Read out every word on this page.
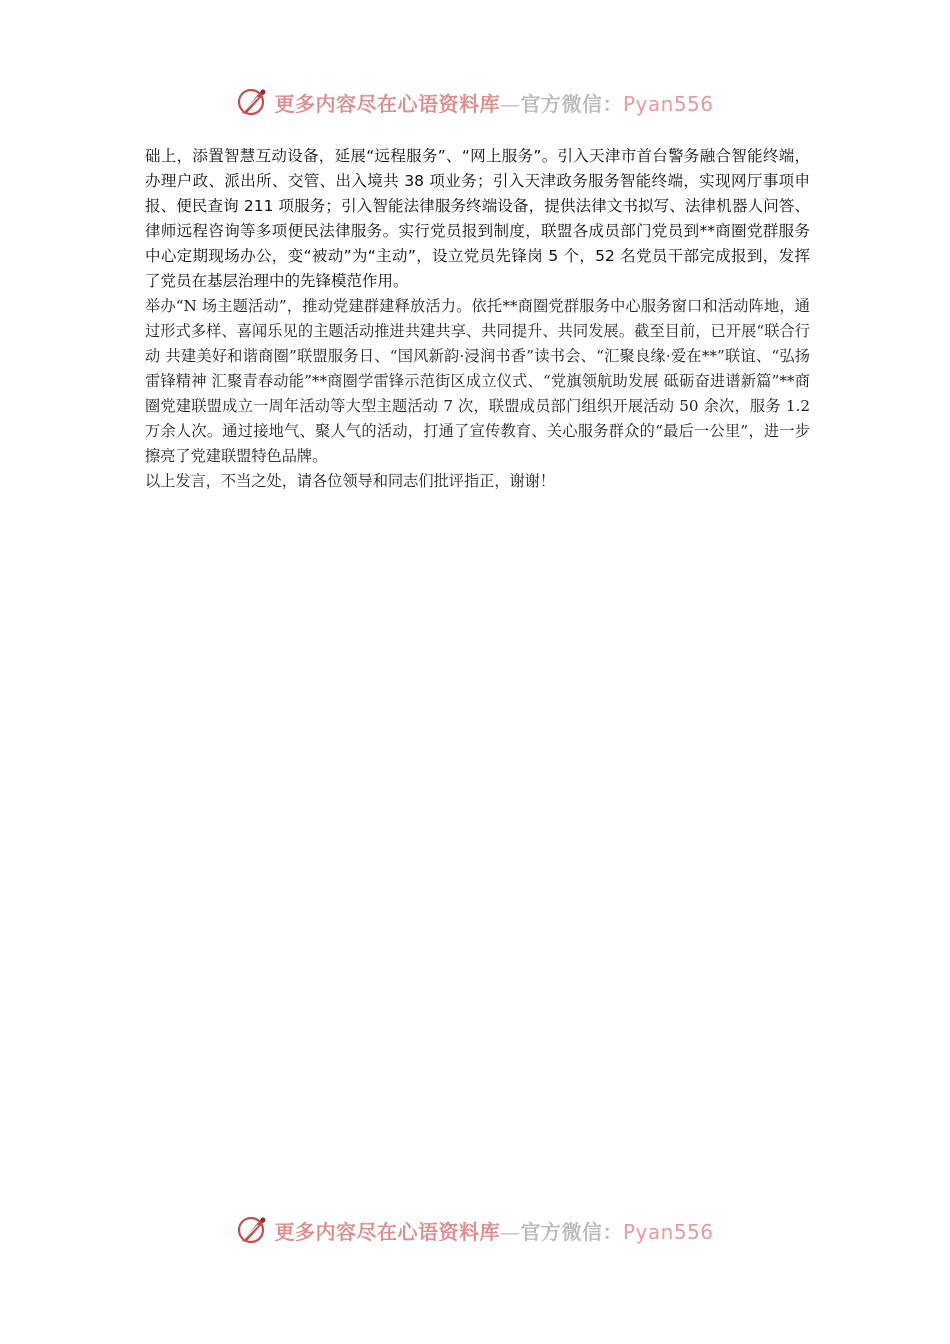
更多内容尽在心语资料库—官方微信：Pyan556

础上，添置智慧互动设备，延展“远程服务”、“网上服务”。引入天津市首台警务融合智能终端，办理户政、派出所、交管、出入境共 38 项业务；引入天津政务服务智能终端，实现网厅事项申报、便民查询 211 项服务；引入智能法律服务终端设备，提供法律文书拟写、法律机器人问答、律师远程咨询等多项便民法律服务。实行党员报到制度，联盟各成员部门党员到**商圈党群服务中心定期现场办公，变“被动”为“主动”，设立党员先锋岗 5 个，52 名党员干部完成报到，发挥了党员在基层治理中的先锋模范作用。

举办“N 场主题活动”，推动党建群建释放活力。依托**商圈党群服务中心服务窗口和活动阵地，通过形式多样、喜闻乐见的主题活动推进共建共享、共同提升、共同发展。截至目前，已开展“联合行动 共建美好和谐商圈”联盟服务日、“国风新韵·浸润书香”读书会、“汇聚良缘·爱在**”联谊、“弘扬雷锋精神 汇聚青春动能”**商圈学雷锋示范街区成立仪式、“党旗领航助发展 砥砺奋进谱新篇”**商圈党建联盟成立一周年活动等大型主题活动 7 次，联盟成员部门组织开展活动 50 余次，服务 1.2 万余人次。通过接地气、聚人气的活动，打通了宣传教育、关心服务群众的“最后一公里”，进一步擦亮了党建联盟特色品牌。

以上发言，不当之处，请各位领导和同志们批评指正，谢谢！

更多内容尽在心语资料库—官方微信：Pyan556
